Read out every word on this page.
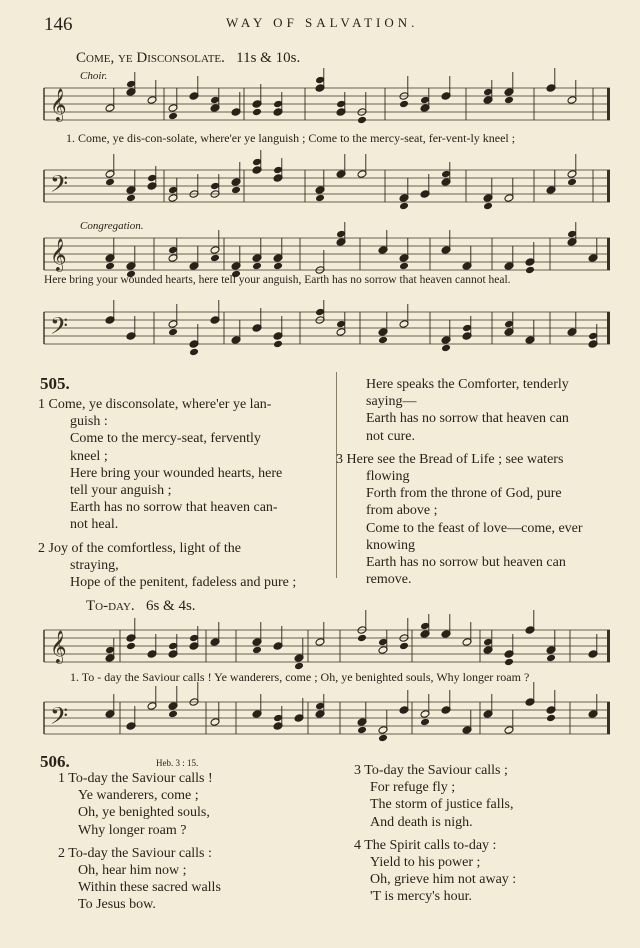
146	WAY OF SALVATION.
Come, ye Disconsolate. 11s & 10s.
Choir.
𝄞
𝄢
1. Come, ye dis-con-solate, where'er ye languish ; Come to the mercy-seat, fer-vent-ly kneel ;
Congregation.
𝄞
Here bring your wounded hearts, here tell your anguish, Earth has no sorrow that heaven cannot heal.
𝄢
505.
1 Come, ye disconsolate, where'er ye lan-
guish :
Come to the mercy-seat, fervently
kneel ;
Here bring your wounded hearts, here
tell your anguish ;
Earth has no sorrow that heaven can-
not heal.
2 Joy of the comfortless, light of the
straying,
Hope of the penitent, fadeless and pure ;
Here speaks the Comforter, tenderly
saying—
Earth has no sorrow that heaven can
not cure.
3 Here see the Bread of Life ; see waters
flowing
Forth from the throne of God, pure
from above ;
Come to the feast of love—come, ever
knowing
Earth has no sorrow but heaven can
remove.
To-day. 6s & 4s.
𝄞
1. To - day the Saviour calls ! Ye wanderers, come ; Oh, ye benighted souls, Why longer roam ?
𝄢
506.	Heb. 3 : 15.
1 To-day the Saviour calls !
Ye wanderers, come ;
Oh, ye benighted souls,
Why longer roam ?
2 To-day the Saviour calls :
Oh, hear him now ;
Within these sacred walls
To Jesus bow.
3 To-day the Saviour calls ;
For refuge fly ;
The storm of justice falls,
And death is nigh.
4 The Spirit calls to-day :
Yield to his power ;
Oh, grieve him not away :
'T is mercy's hour.
